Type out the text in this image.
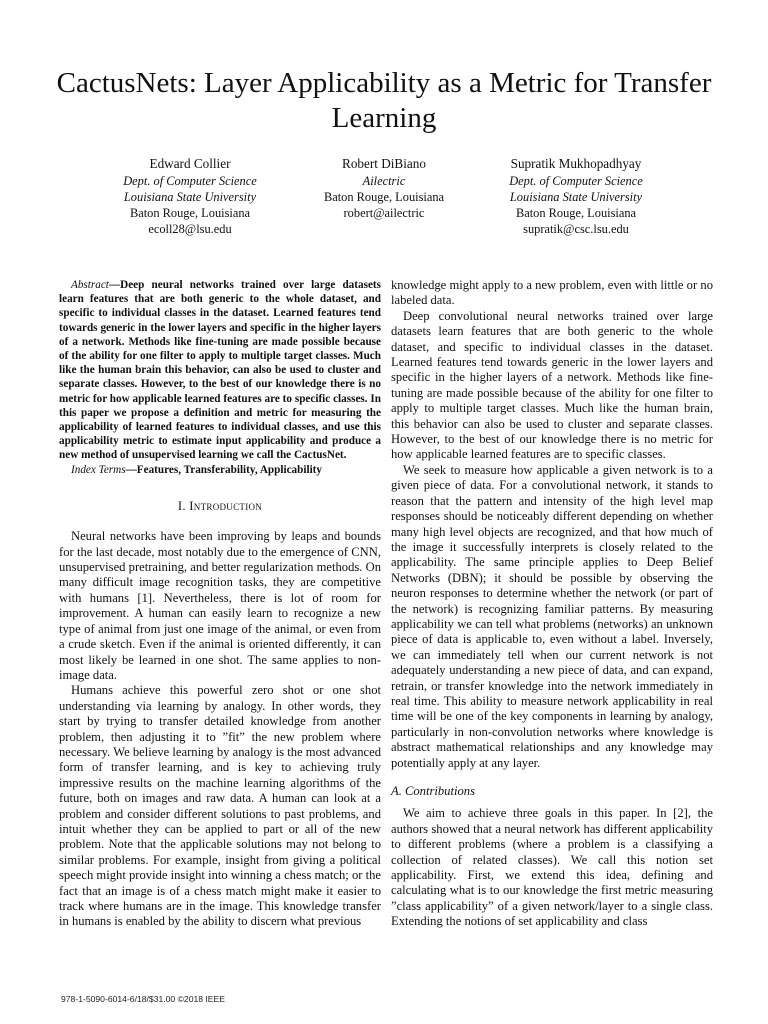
CactusNets: Layer Applicability as a Metric for Transfer Learning
Edward Collier
Dept. of Computer Science
Louisiana State University
Baton Rouge, Louisiana
ecoll28@lsu.edu
Robert DiBiano
Ailectric
Baton Rouge, Louisiana
robert@ailectric
Supratik Mukhopadhyay
Dept. of Computer Science
Louisiana State University
Baton Rouge, Louisiana
supratik@csc.lsu.edu

Abstract—Deep neural networks trained over large datasets learn features that are both generic to the whole dataset, and specific to individual classes in the dataset. Learned features tend towards generic in the lower layers and specific in the higher layers of a network. Methods like fine-tuning are made possible because of the ability for one filter to apply to multiple target classes. Much like the human brain this behavior, can also be used to cluster and separate classes. However, to the best of our knowledge there is no metric for how applicable learned features are to specific classes. In this paper we propose a definition and metric for measuring the applicability of learned features to individual classes, and use this applicability metric to estimate input applicability and produce a new method of unsupervised learning we call the CactusNet.

Index Terms—Features, Transferability, Applicability

I. Introduction

Neural networks have been improving by leaps and bounds for the last decade, most notably due to the emergence of CNN, unsupervised pretraining, and better regularization methods. On many difficult image recognition tasks, they are competitive with humans [1]. Nevertheless, there is lot of room for improvement. A human can easily learn to recognize a new type of animal from just one image of the animal, or even from a crude sketch. Even if the animal is oriented differently, it can most likely be learned in one shot. The same applies to non-image data.

Humans achieve this powerful zero shot or one shot understanding via learning by analogy. In other words, they start by trying to transfer detailed knowledge from another problem, then adjusting it to ”fit” the new problem where necessary. We believe learning by analogy is the most advanced form of transfer learning, and is key to achieving truly impressive results on the machine learning algorithms of the future, both on images and raw data. A human can look at a problem and consider different solutions to past problems, and intuit whether they can be applied to part or all of the new problem. Note that the applicable solutions may not belong to similar problems. For example, insight from giving a political speech might provide insight into winning a chess match; or the fact that an image is of a chess match might make it easier to track where humans are in the image. This knowledge transfer in humans is enabled by the ability to discern what previous

knowledge might apply to a new problem, even with little or no labeled data.

Deep convolutional neural networks trained over large datasets learn features that are both generic to the whole dataset, and specific to individual classes in the dataset. Learned features tend towards generic in the lower layers and specific in the higher layers of a network. Methods like fine-tuning are made possible because of the ability for one filter to apply to multiple target classes. Much like the human brain, this behavior can also be used to cluster and separate classes. However, to the best of our knowledge there is no metric for how applicable learned features are to specific classes.

We seek to measure how applicable a given network is to a given piece of data. For a convolutional network, it stands to reason that the pattern and intensity of the high level map responses should be noticeably different depending on whether many high level objects are recognized, and that how much of the image it successfully interprets is closely related to the applicability. The same principle applies to Deep Belief Networks (DBN); it should be possible by observing the neuron responses to determine whether the network (or part of the network) is recognizing familiar patterns. By measuring applicability we can tell what problems (networks) an unknown piece of data is applicable to, even without a label. Inversely, we can immediately tell when our current network is not adequately understanding a new piece of data, and can expand, retrain, or transfer knowledge into the network immediately in real time. This ability to measure network applicability in real time will be one of the key components in learning by analogy, particularly in non-convolution networks where knowledge is abstract mathematical relationships and any knowledge may potentially apply at any layer.

A. Contributions

We aim to achieve three goals in this paper. In [2], the authors showed that a neural network has different applicability to different problems (where a problem is a classifying a collection of related classes). We call this notion set applicability. First, we extend this idea, defining and calculating what is to our knowledge the first metric measuring ”class applicability” of a given network/layer to a single class. Extending the notions of set applicability and class

978-1-5090-6014-6/18/$31.00 ©2018 IEEE
